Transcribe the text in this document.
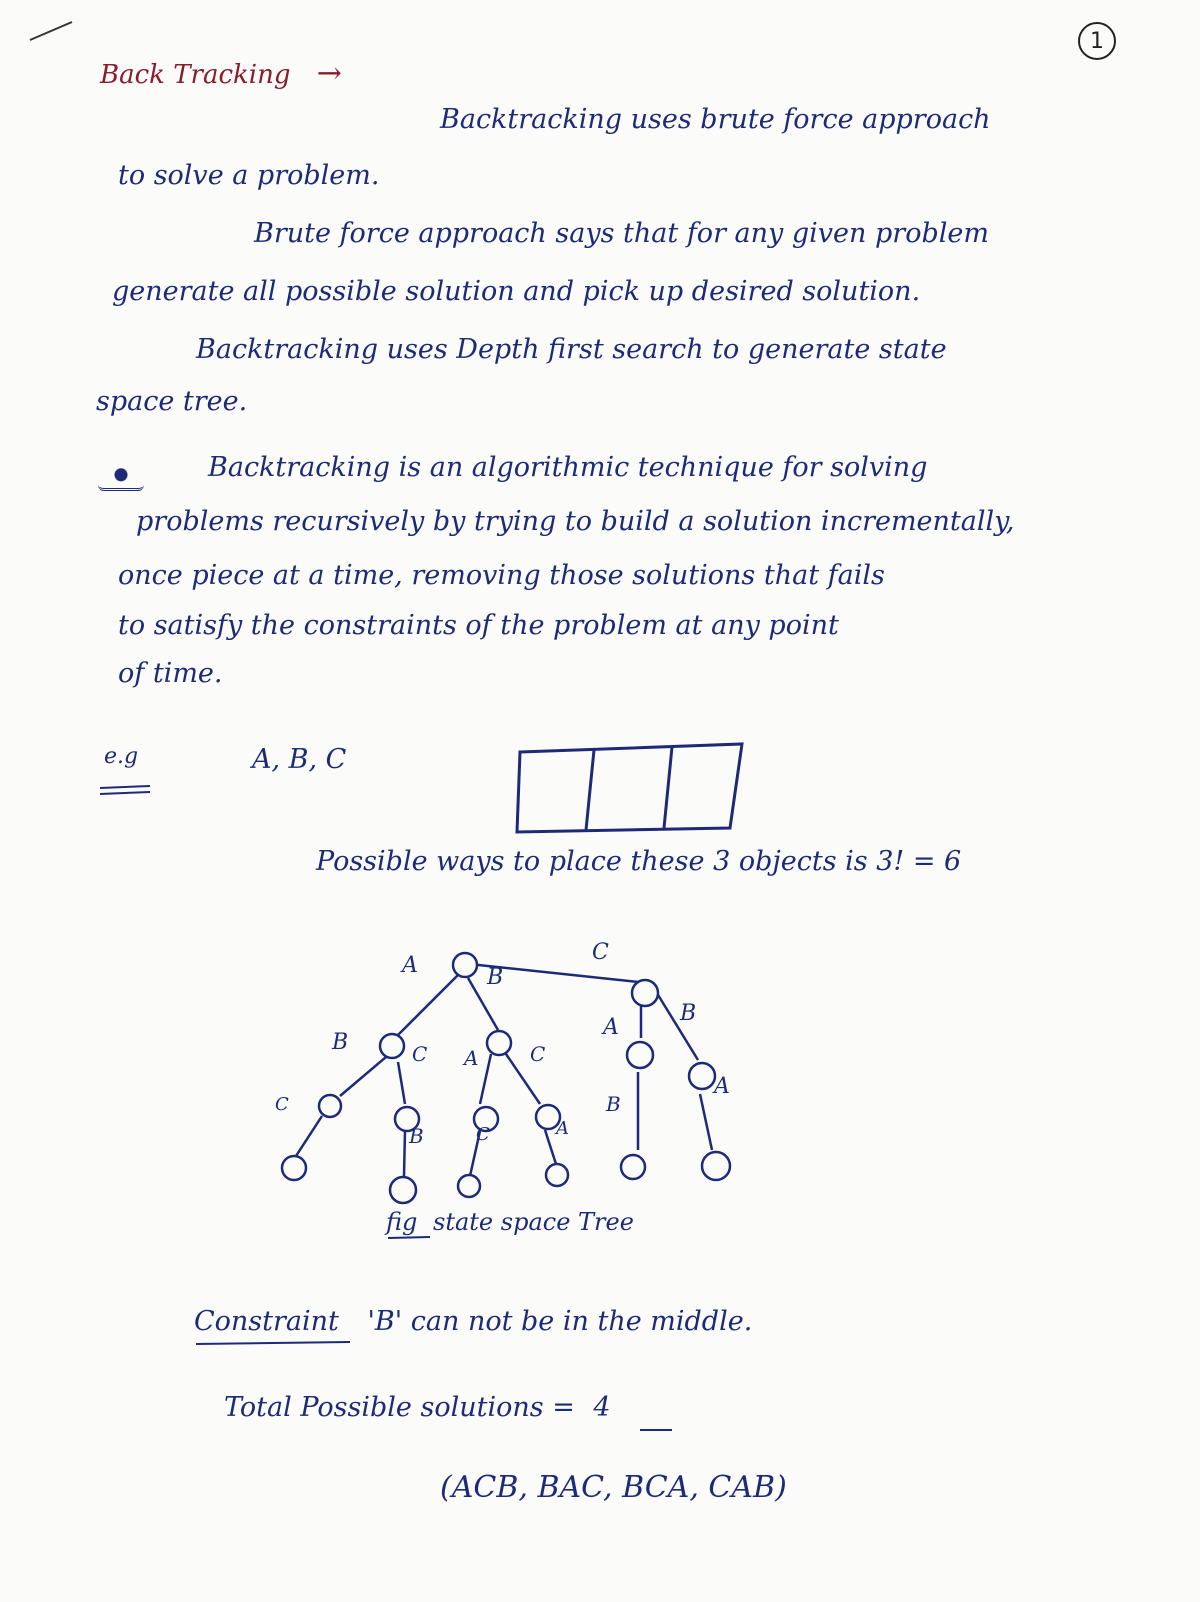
1
Back Tracking →
Backtracking uses brute force approach
to solve a problem.
Brute force approach says that for any given problem
generate all possible solution and pick up desired solution.
Backtracking uses Depth first search to generate state
space tree.
Backtracking is an algorithmic technique for solving
problems recursively by trying to build a solution incrementally,
once piece at a time, removing those solutions that fails
to satisfy the constraints of the problem at any point
of time.
e.g	A, B, C
Possible ways to place these 3 objects is 3! = 6
A	B
C
B	C A	C
A
B
C
B	C	A
B
A
fig state space Tree
Constraint 'B' can not be in the middle.
Total Possible solutions = 4
(ACB, BAC, BCA, CAB)
